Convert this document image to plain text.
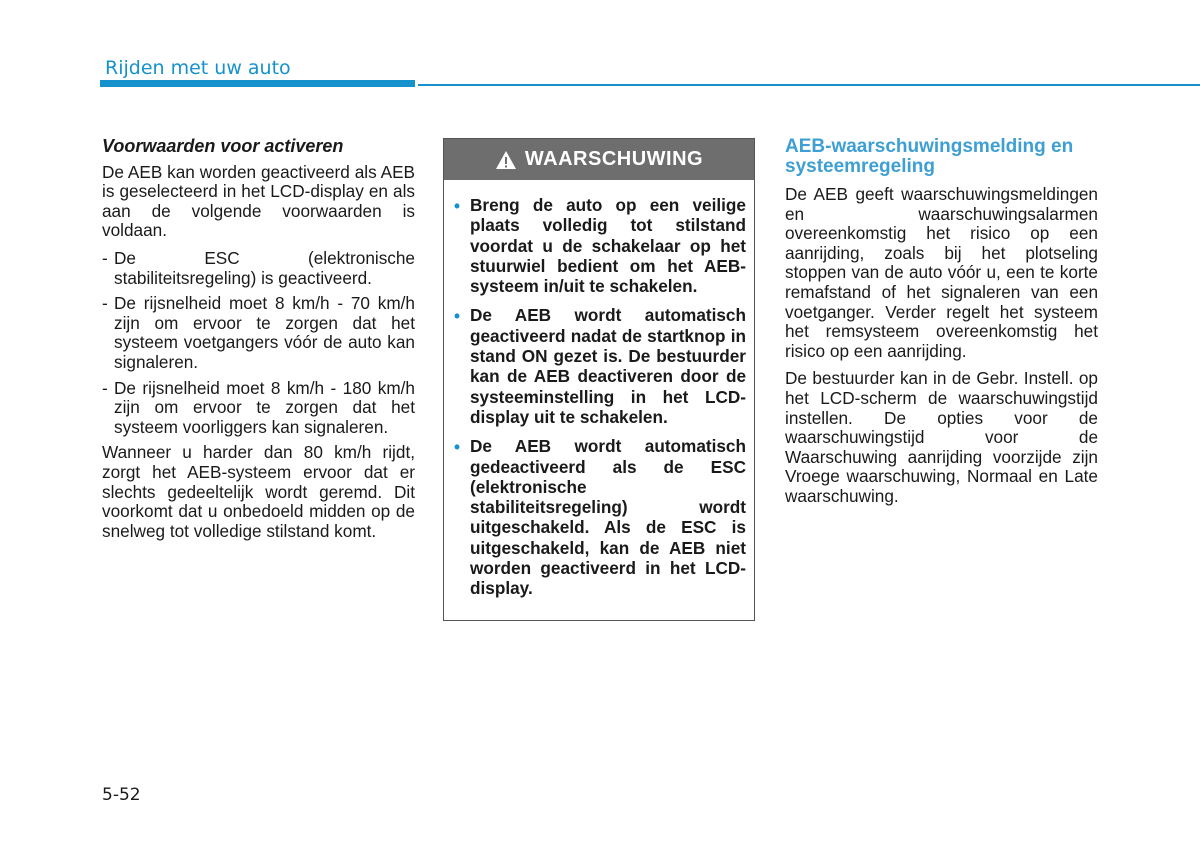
Rijden met uw auto
Voorwaarden voor activeren

De AEB kan worden geactiveerd als AEB is geselecteerd in het LCD-display en als aan de volgende voorwaarden is voldaan.

- De ESC (elektronische stabiliteitsregeling) is geactiveerd.
- De rijsnelheid moet 8 km/h - 70 km/h zijn om ervoor te zorgen dat het systeem voetgangers vóór de auto kan signaleren.
- De rijsnelheid moet 8 km/h - 180 km/h zijn om ervoor te zorgen dat het systeem voorliggers kan signaleren.

Wanneer u harder dan 80 km/h rijdt, zorgt het AEB-systeem ervoor dat er slechts gedeeltelijk wordt geremd. Dit voorkomt dat u onbedoeld midden op de snelweg tot volledige stilstand komt.

WAARSCHUWING
• Breng de auto op een veilige plaats volledig tot stilstand voordat u de schakelaar op het stuurwiel bedient om het AEB-systeem in/uit te schakelen.
• De AEB wordt automatisch geactiveerd nadat de startknop in stand ON gezet is. De bestuurder kan de AEB deactiveren door de systeeminstelling in het LCD-display uit te schakelen.
• De AEB wordt automatisch gedeactiveerd als de ESC (elektronische stabiliteitsregeling) wordt uitgeschakeld. Als de ESC is uitgeschakeld, kan de AEB niet worden geactiveerd in het LCD-display.
AEB-waarschuwingsmelding en systeemregeling

De AEB geeft waarschuwingsmeldingen en waarschuwingsalarmen overeenkomstig het risico op een aanrijding, zoals bij het plotseling stoppen van de auto vóór u, een te korte remafstand of het signaleren van een voetganger. Verder regelt het systeem het remsysteem overeenkomstig het risico op een aanrijding.

De bestuurder kan in de Gebr. Instell. op het LCD-scherm de waarschuwingstijd instellen. De opties voor de waarschuwingstijd voor de Waarschuwing aanrijding voorzijde zijn Vroege waarschuwing, Normaal en Late waarschuwing.

5-52
